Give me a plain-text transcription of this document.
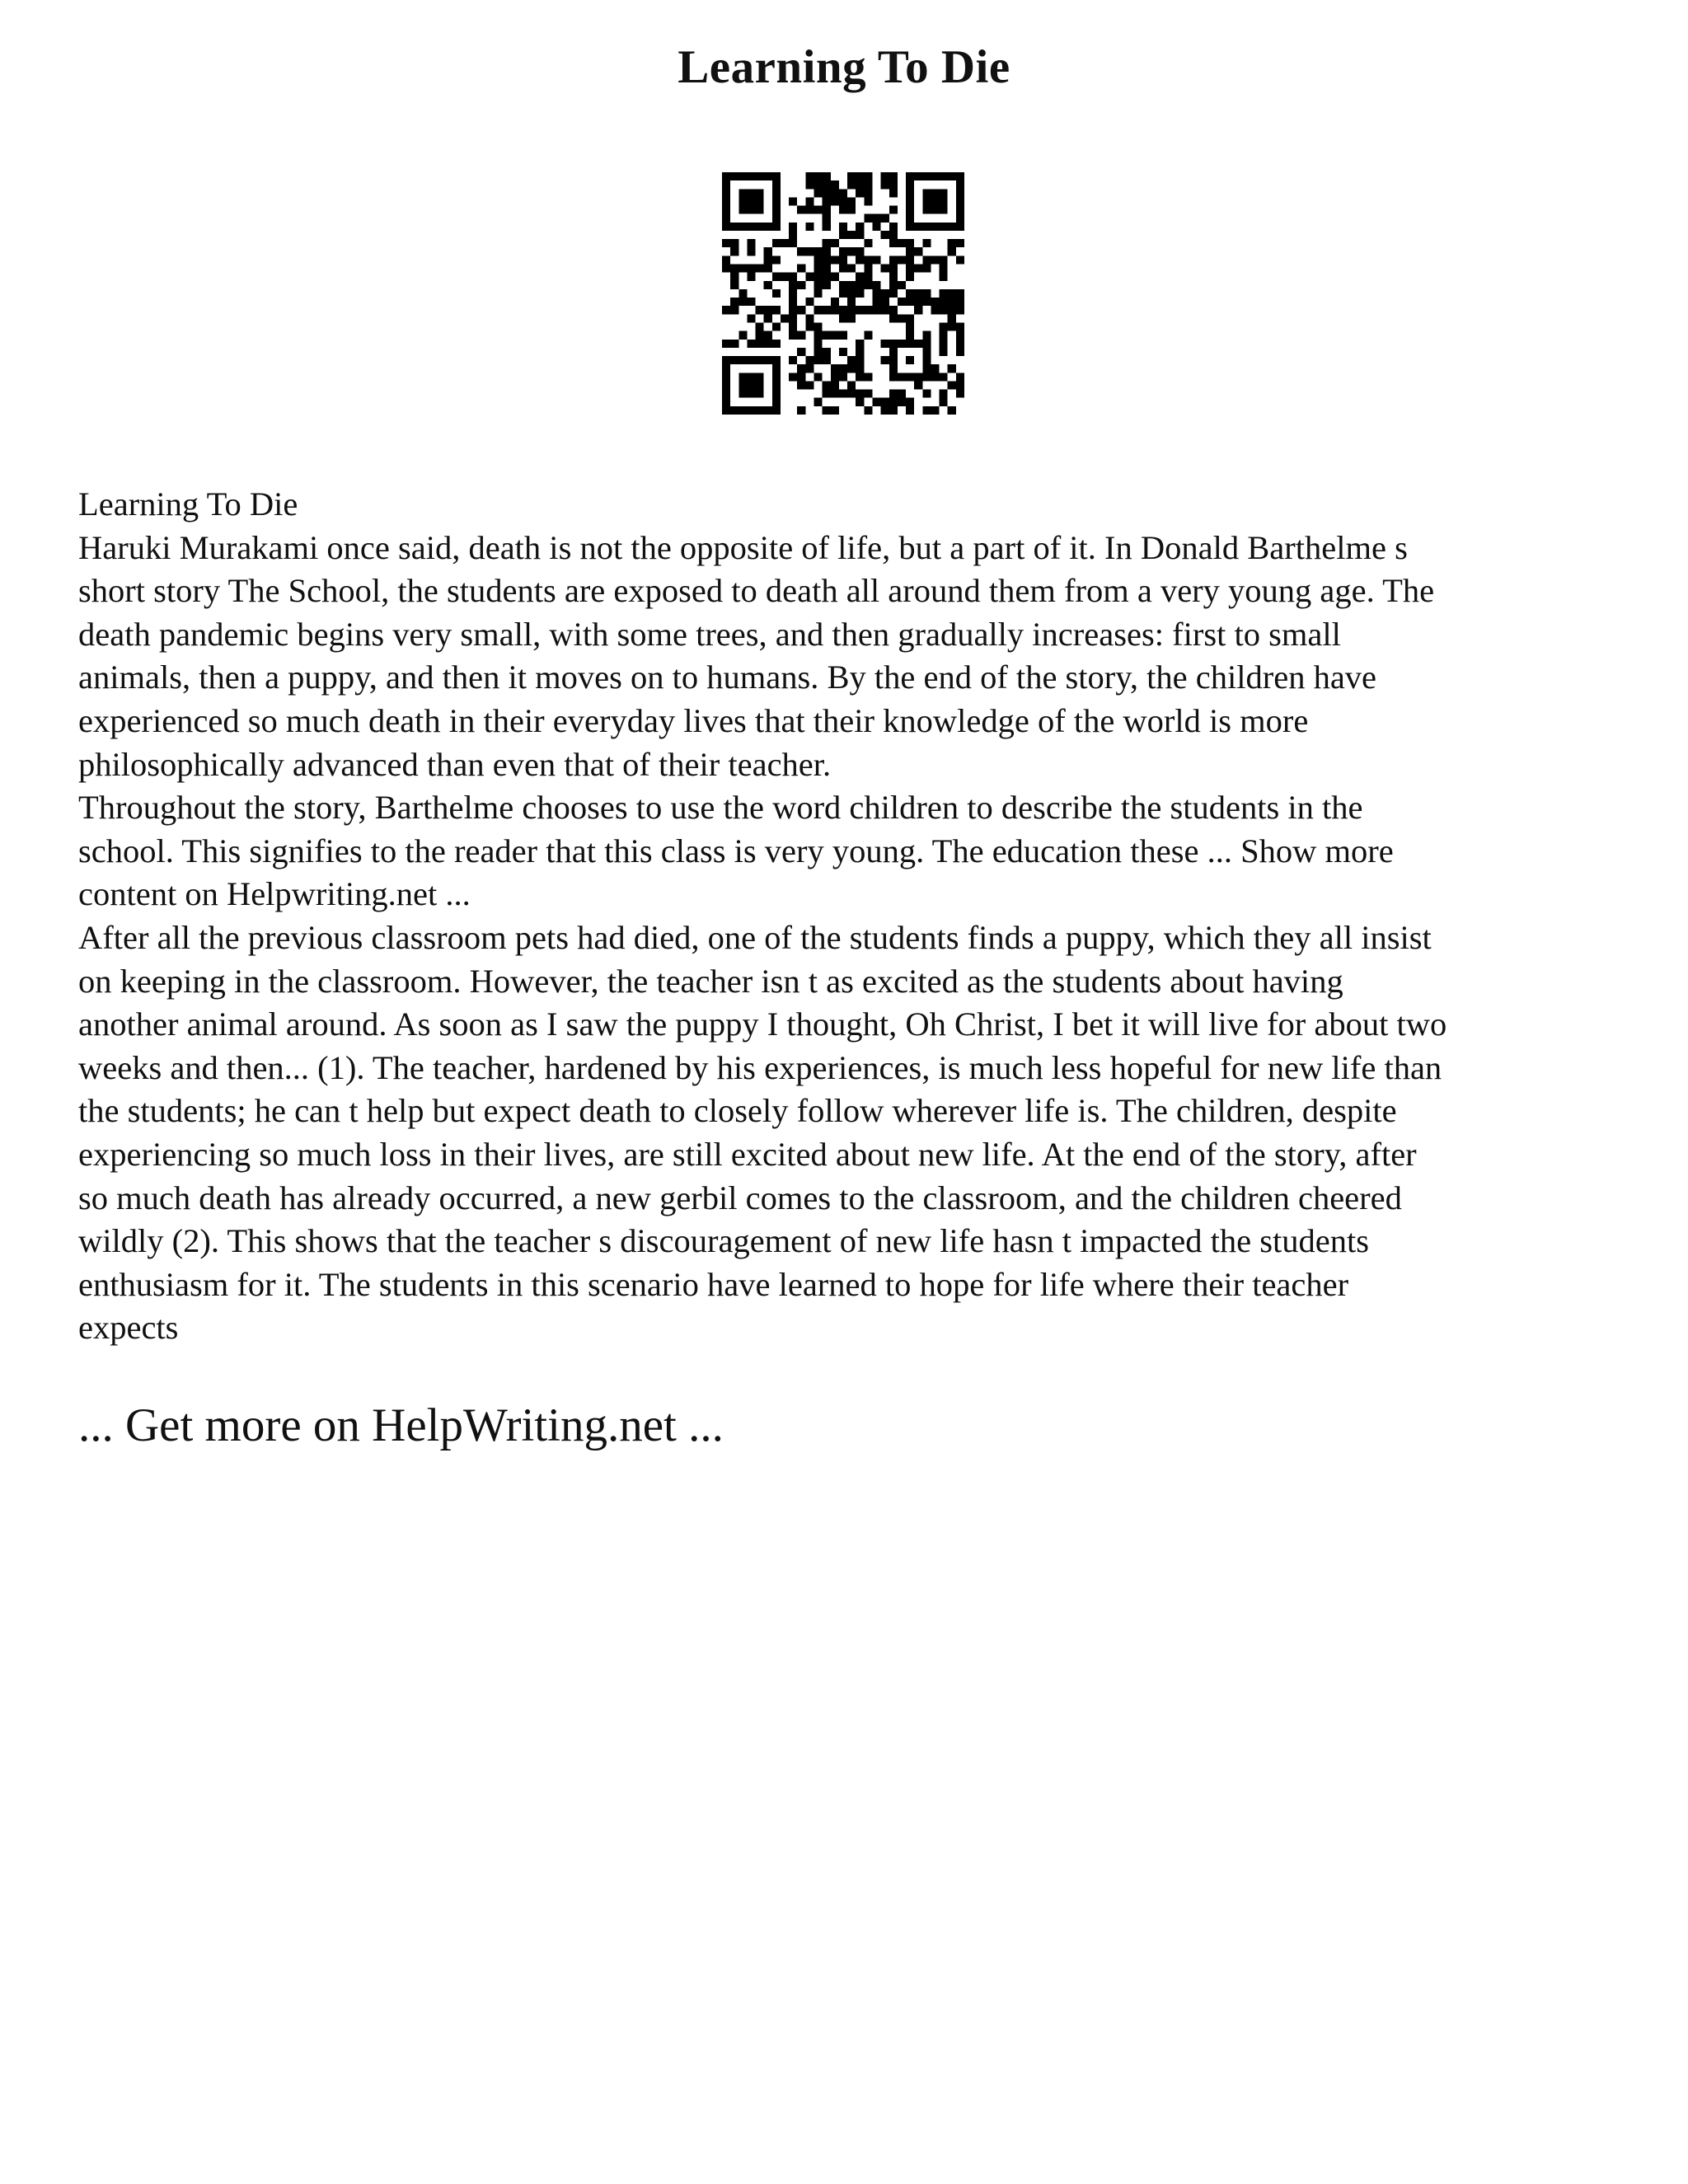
Learning To Die
Learning To Die
Haruki Murakami once said, death is not the opposite of life, but a part of it. In Donald Barthelme s
short story The School, the students are exposed to death all around them from a very young age. The
death pandemic begins very small, with some trees, and then gradually increases: first to small
animals, then a puppy, and then it moves on to humans. By the end of the story, the children have
experienced so much death in their everyday lives that their knowledge of the world is more
philosophically advanced than even that of their teacher.
Throughout the story, Barthelme chooses to use the word children to describe the students in the
school. This signifies to the reader that this class is very young. The education these ... Show more
content on Helpwriting.net ...
After all the previous classroom pets had died, one of the students finds a puppy, which they all insist
on keeping in the classroom. However, the teacher isn t as excited as the students about having
another animal around. As soon as I saw the puppy I thought, Oh Christ, I bet it will live for about two
weeks and then... (1). The teacher, hardened by his experiences, is much less hopeful for new life than
the students; he can t help but expect death to closely follow wherever life is. The children, despite
experiencing so much loss in their lives, are still excited about new life. At the end of the story, after
so much death has already occurred, a new gerbil comes to the classroom, and the children cheered
wildly (2). This shows that the teacher s discouragement of new life hasn t impacted the students
enthusiasm for it. The students in this scenario have learned to hope for life where their teacher
expects
... Get more on HelpWriting.net ...
